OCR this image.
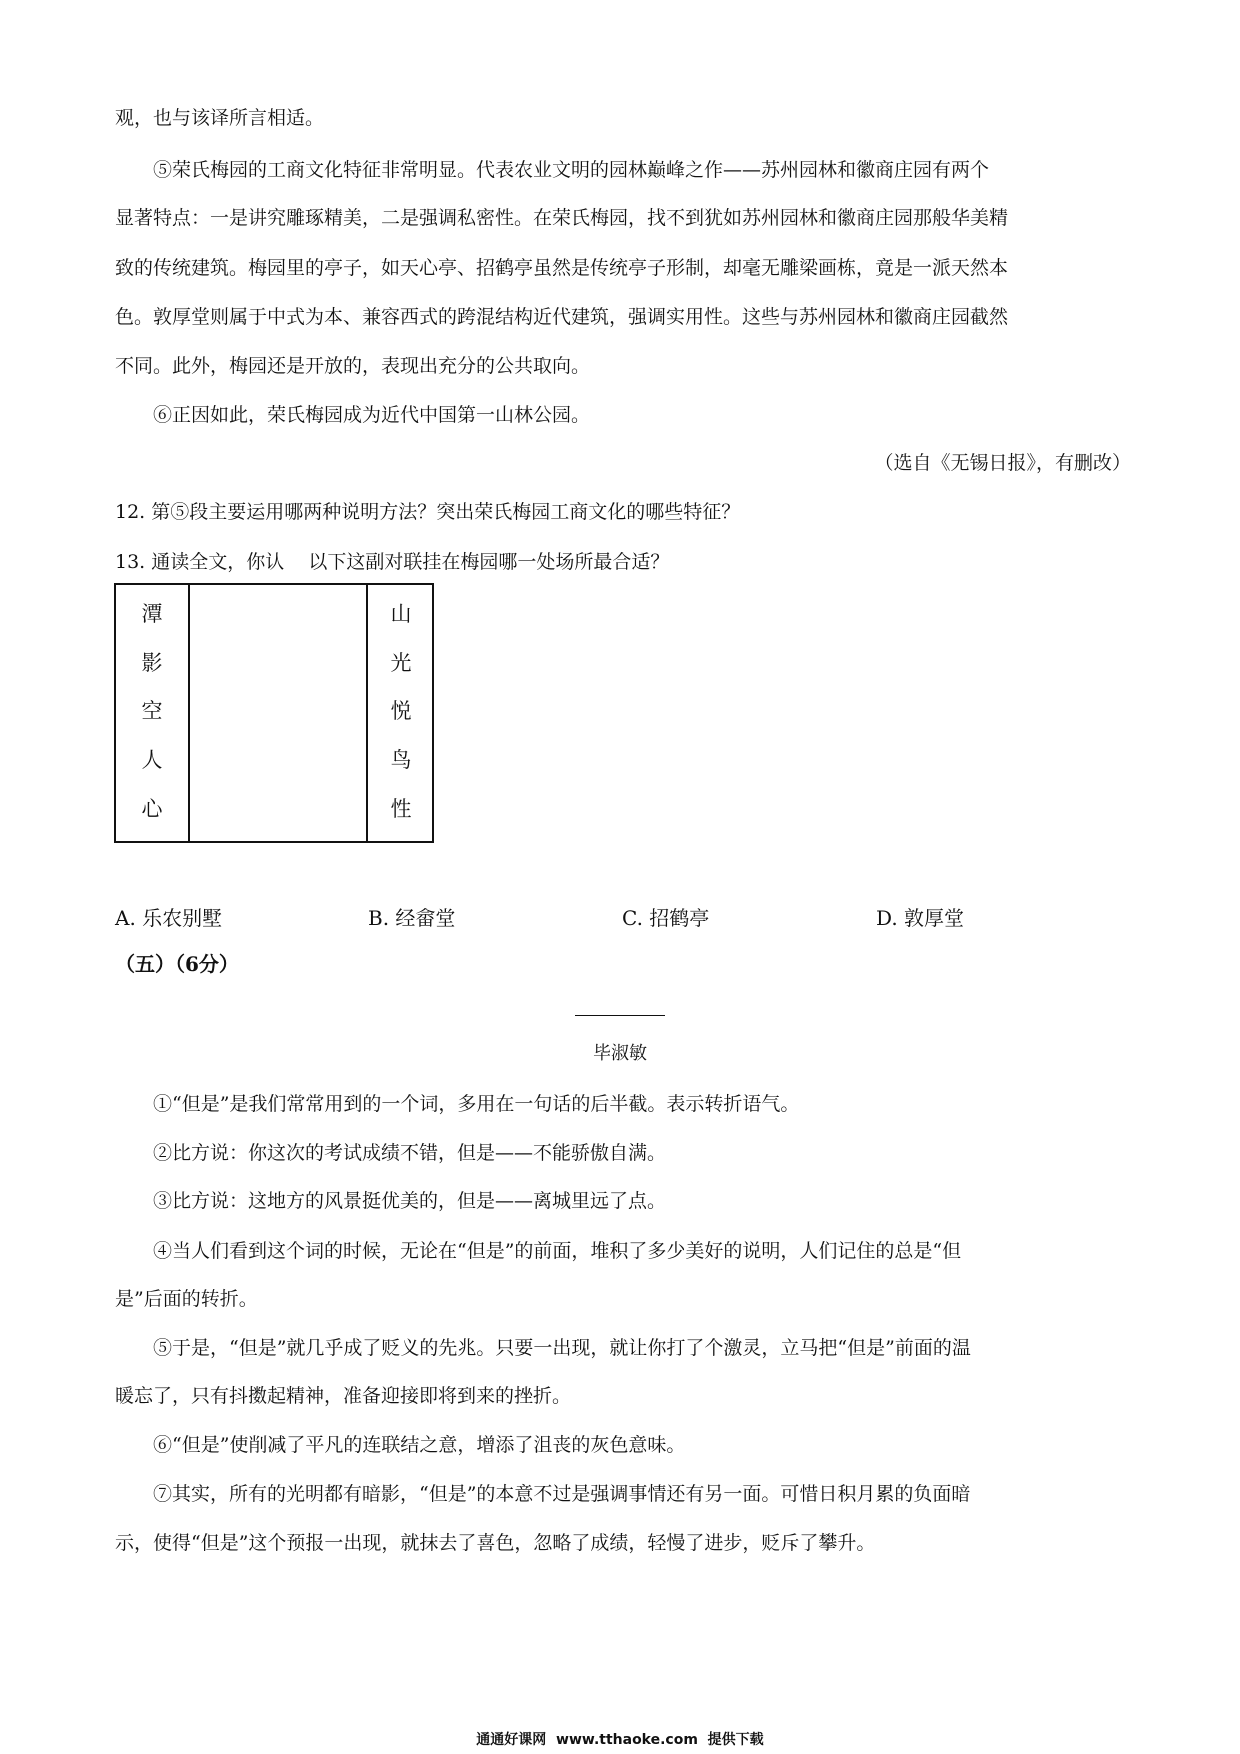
观，也与该译所言相适。
⑤荣氏梅园的工商文化特征非常明显。代表农业文明的园林巅峰之作——苏州园林和徽商庄园有两个
显著特点：一是讲究雕琢精美，二是强调私密性。在荣氏梅园，找不到犹如苏州园林和徽商庄园那般华美精
致的传统建筑。梅园里的亭子，如天心亭、招鹤亭虽然是传统亭子形制，却毫无雕梁画栋，竟是一派天然本
色。敦厚堂则属于中式为本、兼容西式的跨混结构近代建筑，强调实用性。这些与苏州园林和徽商庄园截然
不同。此外，梅园还是开放的，表现出充分的公共取向。
⑥正因如此，荣氏梅园成为近代中国第一山林公园。
（选自《无锡日报》，有删改）
12. 第⑤段主要运用哪两种说明方法？突出荣氏梅园工商文化的哪些特征？
13. 通读全文，你认    以下这副对联挂在梅园哪一处场所最合适？
潭
影
空
人
心
山
光
悦
鸟
性
A. 乐农别墅	B. 经畲堂	C. 招鹤亭	D. 敦厚堂
（五）（6分）
毕淑敏
①“但是”是我们常常用到的一个词，多用在一句话的后半截。表示转折语气。
②比方说：你这次的考试成绩不错，但是——不能骄傲自满。
③比方说：这地方的风景挺优美的，但是——离城里远了点。
④当人们看到这个词的时候，无论在“但是”的前面，堆积了多少美好的说明，人们记住的总是“但
是”后面的转折。
⑤于是，“但是”就几乎成了贬义的先兆。只要一出现，就让你打了个激灵，立马把“但是”前面的温
暖忘了，只有抖擞起精神，准备迎接即将到来的挫折。
⑥“但是”使削减了平凡的连联结之意，增添了沮丧的灰色意味。
⑦其实，所有的光明都有暗影，“但是”的本意不过是强调事情还有另一面。可惜日积月累的负面暗
示，使得“但是”这个预报一出现，就抹去了喜色，忽略了成绩，轻慢了进步，贬斥了攀升。
通通好课网  www.tthaoke.com  提供下载
